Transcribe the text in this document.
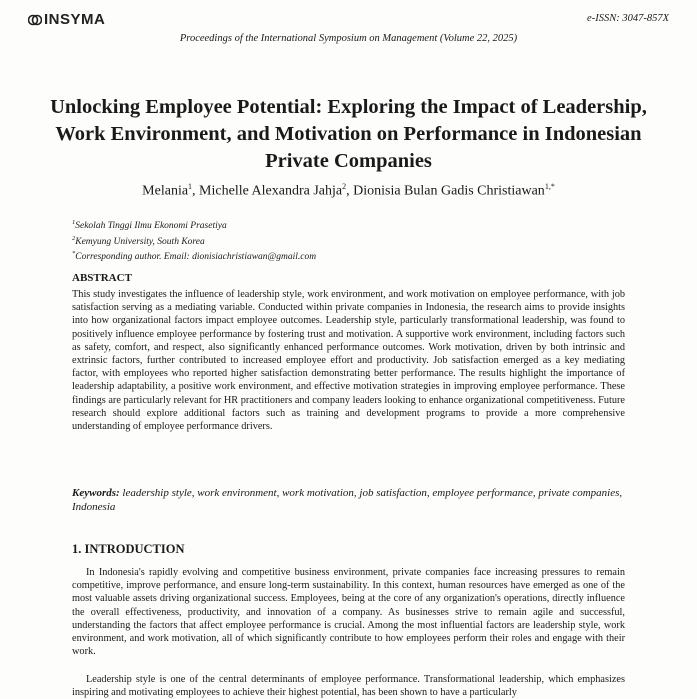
INSYMA	e-ISSN: 3047-857X
Proceedings of the International Symposium on Management (Volume 22, 2025)
Unlocking Employee Potential: Exploring the Impact of Leadership, Work Environment, and Motivation on Performance in Indonesian Private Companies
Melania$^1$, Michelle Alexandra Jahja$^2$, Dionisia Bulan Gadis Christiawan$^{1,*}$
$^1$Sekolah Tinggi Ilmu Ekonomi Prasetiya
$^2$Kemyung University, South Korea
*Corresponding author. Email: dionisiachristiawan@gmail.com
ABSTRACT
This study investigates the influence of leadership style, work environment, and work motivation on employee performance, with job satisfaction serving as a mediating variable. Conducted within private companies in Indonesia, the research aims to provide insights into how organizational factors impact employee outcomes. Leadership style, particularly transformational leadership, was found to positively influence employee performance by fostering trust and motivation. A supportive work environment, including factors such as safety, comfort, and respect, also significantly enhanced performance outcomes. Work motivation, driven by both intrinsic and extrinsic factors, further contributed to increased employee effort and productivity. Job satisfaction emerged as a key mediating factor, with employees who reported higher satisfaction demonstrating better performance. The results highlight the importance of leadership adaptability, a positive work environment, and effective motivation strategies in improving employee performance. These findings are particularly relevant for HR practitioners and company leaders looking to enhance organizational competitiveness. Future research should explore additional factors such as training and development programs to provide a more comprehensive understanding of employee performance drivers.
Keywords: leadership style, work environment, work motivation, job satisfaction, employee performance, private companies, Indonesia
1. INTRODUCTION
In Indonesia's rapidly evolving and competitive business environment, private companies face increasing pressures to remain competitive, improve performance, and ensure long-term sustainability. In this context, human resources have emerged as one of the most valuable assets driving organizational success. Employees, being at the core of any organization's operations, directly influence the overall effectiveness, productivity, and innovation of a company. As businesses strive to remain agile and successful, understanding the factors that affect employee performance is crucial. Among the most influential factors are leadership style, work environment, and work motivation, all of which significantly contribute to how employees perform their roles and engage with their work.
Leadership style is one of the central determinants of employee performance. Transformational leadership, which emphasizes inspiring and motivating employees to achieve their highest potential, has been shown to have a particularly
